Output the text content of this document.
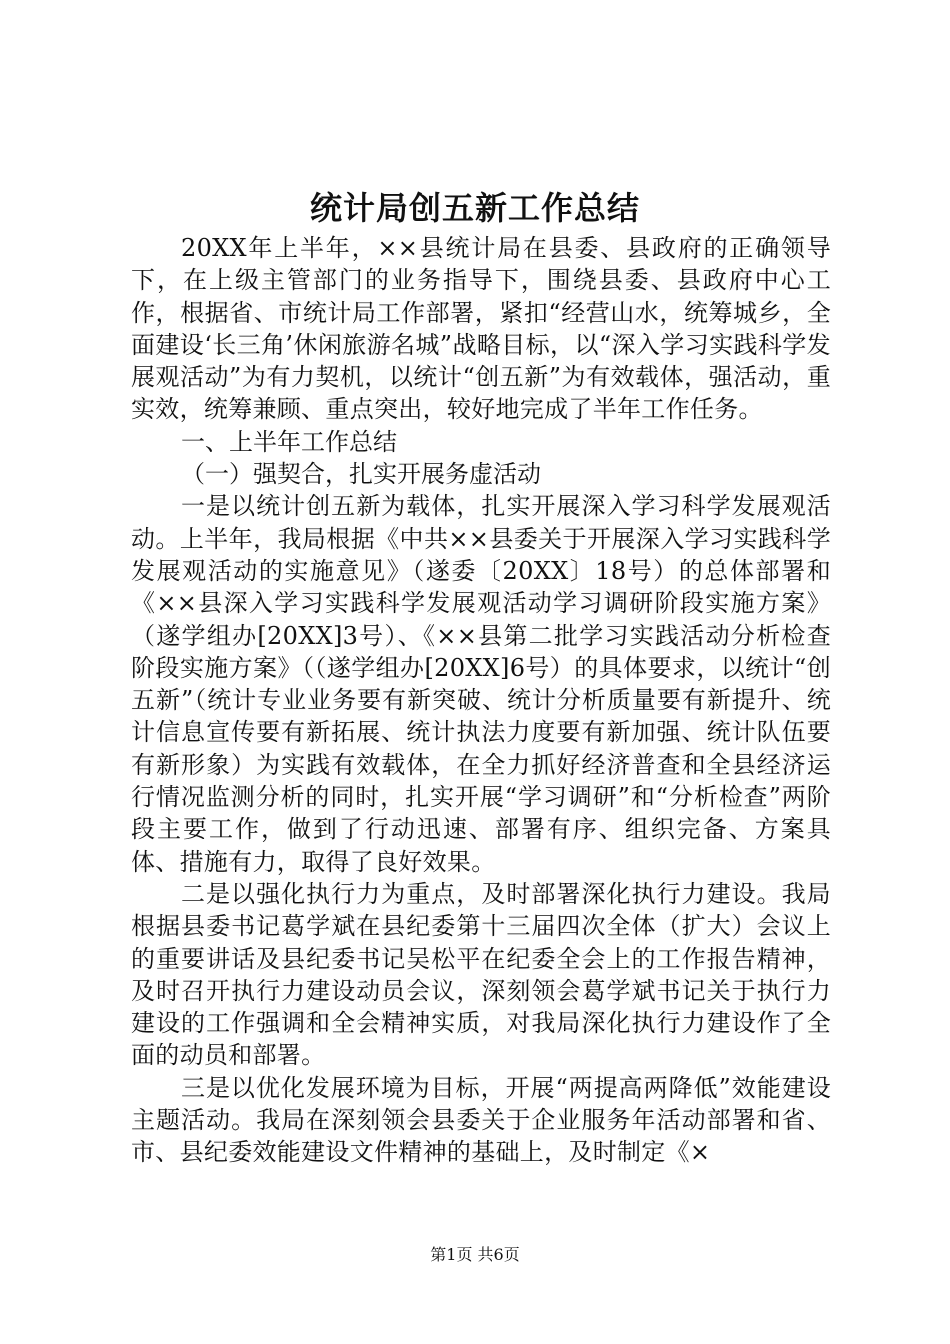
统计局创五新工作总结

20XX年上半年，××县统计局在县委、县政府的正确领导下，在上级主管部门的业务指导下，围绕县委、县政府中心工作，根据省、市统计局工作部署，紧扣“经营山水，统筹城乡，全面建设‘长三角’休闲旅游名城”战略目标，以“深入学习实践科学发展观活动”为有力契机，以统计“创五新”为有效载体，强活动，重实效，统筹兼顾、重点突出，较好地完成了半年工作任务。

一、上半年工作总结

（一）强契合，扎实开展务虚活动

一是以统计创五新为载体，扎实开展深入学习科学发展观活动。上半年，我局根据《中共××县委关于开展深入学习实践科学发展观活动的实施意见》（遂委〔20XX〕18号）的总体部署和《××县深入学习实践科学发展观活动学习调研阶段实施方案》（遂学组办[20XX]3号）、《××县第二批学习实践活动分析检查阶段实施方案》（（遂学组办[20XX]6号）的具体要求，以统计“创五新”（统计专业业务要有新突破、统计分析质量要有新提升、统计信息宣传要有新拓展、统计执法力度要有新加强、统计队伍要有新形象）为实践有效载体，在全力抓好经济普查和全县经济运行情况监测分析的同时，扎实开展“学习调研”和“分析检查”两阶段主要工作，做到了行动迅速、部署有序、组织完备、方案具体、措施有力，取得了良好效果。

二是以强化执行力为重点，及时部署深化执行力建设。我局根据县委书记葛学斌在县纪委第十三届四次全体（扩大）会议上的重要讲话及县纪委书记吴松平在纪委全会上的工作报告精神，及时召开执行力建设动员会议，深刻领会葛学斌书记关于执行力建设的工作强调和全会精神实质，对我局深化执行力建设作了全面的动员和部署。

三是以优化发展环境为目标，开展“两提高两降低”效能建设主题活动。我局在深刻领会县委关于企业服务年活动部署和省、市、县纪委效能建设文件精神的基础上，及时制定《×

第1页 共6页
